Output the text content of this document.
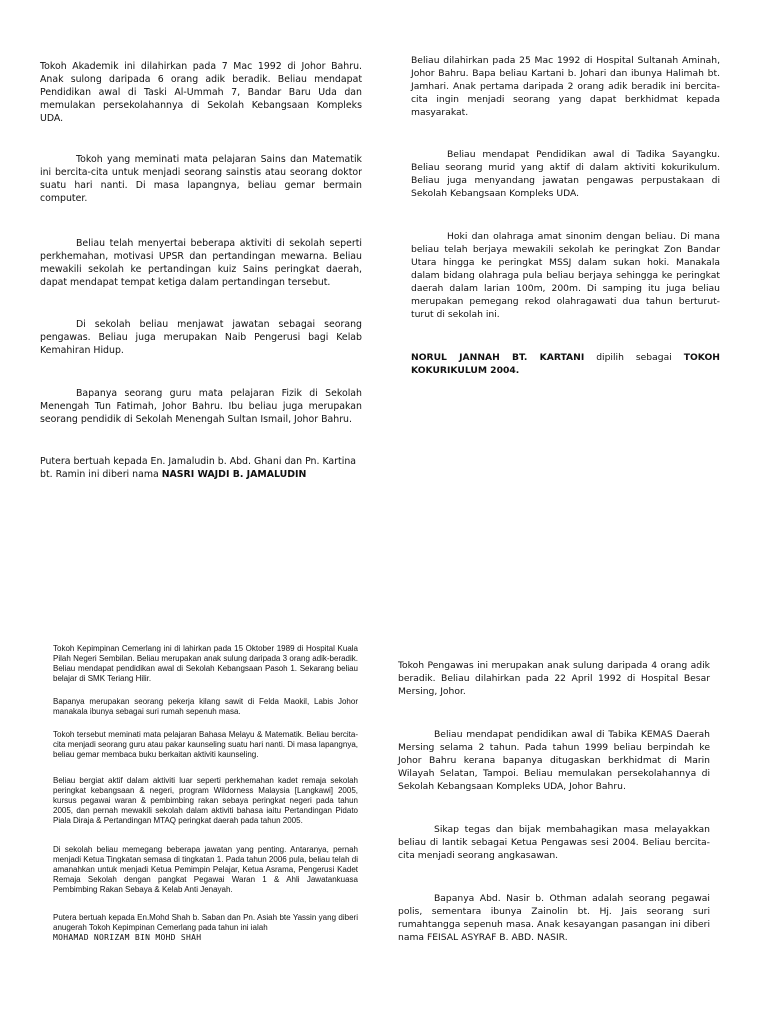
Tokoh Akademik ini dilahirkan pada 7 Mac 1992 di Johor Bahru. Anak sulong daripada 6 orang adik beradik. Beliau mendapat Pendidikan awal di Taski Al-Ummah 7, Bandar Baru Uda dan memulakan persekolahannya di Sekolah Kebangsaan Kompleks UDA.

Tokoh yang meminati mata pelajaran Sains dan Matematik ini bercita-cita untuk menjadi seorang sainstis atau seorang doktor suatu hari nanti. Di masa lapangnya, beliau gemar bermain computer.

Beliau telah menyertai beberapa aktiviti di sekolah seperti perkhemahan, motivasi UPSR dan pertandingan mewarna. Beliau mewakili sekolah ke pertandingan kuiz Sains peringkat daerah, dapat mendapat tempat ketiga dalam pertandingan tersebut.

Di sekolah beliau menjawat jawatan sebagai seorang pengawas. Beliau juga merupakan Naib Pengerusi bagi Kelab Kemahiran Hidup.

Bapanya seorang guru mata pelajaran Fizik di Sekolah Menengah Tun Fatimah, Johor Bahru. Ibu beliau juga merupakan seorang pendidik di Sekolah Menengah Sultan Ismail, Johor Bahru.

Putera bertuah kepada En. Jamaludin b. Abd. Ghani dan Pn. Kartina bt. Ramin ini diberi nama NASRI WAJDI B. JAMALUDIN

Beliau dilahirkan pada 25 Mac 1992 di Hospital Sultanah Aminah, Johor Bahru. Bapa beliau Kartani b. Johari dan ibunya Halimah bt. Jamhari. Anak pertama daripada 2 orang adik beradik ini bercita-cita ingin menjadi seorang yang dapat berkhidmat kepada masyarakat.

Beliau mendapat Pendidikan awal di Tadika Sayangku. Beliau seorang murid yang aktif di dalam aktiviti kokurikulum. Beliau juga menyandang jawatan pengawas perpustakaan di Sekolah Kebangsaan Kompleks UDA.

Hoki dan olahraga amat sinonim dengan beliau. Di mana beliau telah berjaya mewakili sekolah ke peringkat Zon Bandar Utara hingga ke peringkat MSSJ dalam sukan hoki. Manakala dalam bidang olahraga pula beliau berjaya sehingga ke peringkat daerah dalam larian 100m, 200m. Di samping itu juga beliau merupakan pemegang rekod olahragawati dua tahun berturut-turut di sekolah ini.

NORUL JANNAH BT. KARTANI dipilih sebagai TOKOH KOKURIKULUM 2004.

Tokoh Kepimpinan Cemerlang ini di lahirkan pada 15 Oktober 1989 di Hospital Kuala Pilah Negeri Sembilan. Beliau merupakan anak sulung daripada 3 orang adik-beradik. Beliau mendapat pendidikan awal di Sekolah Kebangsaan Pasoh 1. Sekarang beliau belajar di SMK Teriang Hilir.

Bapanya merupakan seorang pekerja kilang sawit di Felda Maokil, Labis Johor manakala ibunya sebagai suri rumah sepenuh masa.

Tokoh tersebut meminati mata pelajaran Bahasa Melayu & Matematik. Beliau bercita-cita menjadi seorang guru atau pakar kaunseling suatu hari nanti. Di masa lapangnya, beliau gemar membaca buku berkaitan aktiviti kaunseling.

Beliau bergiat aktif dalam aktiviti luar seperti perkhemahan kadet remaja sekolah peringkat kebangsaan & negeri, program Wildorness Malaysia [Langkawi] 2005, kursus pegawai waran & pembimbing rakan sebaya peringkat negeri pada tahun 2005, dan pernah mewakili sekolah dalam aktiviti bahasa iaitu Pertandingan Pidato Piala Diraja & Pertandingan MTAQ peringkat daerah pada tahun 2005.

Di sekolah beliau memegang beberapa jawatan yang penting. Antaranya, pernah menjadi Ketua Tingkatan semasa di tingkatan 1. Pada tahun 2006 pula, beliau telah di amanahkan untuk menjadi Ketua Pemimpin Pelajar, Ketua Asrama, Pengerusi Kadet Remaja Sekolah dengan pangkat Pegawai Waran 1 & Ahli Jawatankuasa Pembimbing Rakan Sebaya & Kelab Anti Jenayah.

Putera bertuah kepada En.Mohd Shah b. Saban dan Pn. Asiah bte Yassin yang diberi anugerah Tokoh Kepimpinan Cemerlang pada tahun ini ialah

MOHAMAD NORIZAM BIN MOHD SHAH

Tokoh Pengawas ini merupakan anak sulung daripada 4 orang adik beradik. Beliau dilahirkan pada 22 April 1992 di Hospital Besar Mersing, Johor.

Beliau mendapat pendidikan awal di Tabika KEMAS Daerah Mersing selama 2 tahun. Pada tahun 1999 beliau berpindah ke Johor Bahru kerana bapanya ditugaskan berkhidmat di Marin Wilayah Selatan, Tampoi. Beliau memulakan persekolahannya di Sekolah Kebangsaan Kompleks UDA, Johor Bahru.

Sikap tegas dan bijak membahagikan masa melayakkan beliau di lantik sebagai Ketua Pengawas sesi 2004. Beliau bercita-cita menjadi seorang angkasawan.

Bapanya Abd. Nasir b. Othman adalah seorang pegawai polis, sementara ibunya Zainolin bt. Hj. Jais seorang suri rumahtangga sepenuh masa. Anak kesayangan pasangan ini diberi nama FEISAL ASYRAF B. ABD. NASIR.
